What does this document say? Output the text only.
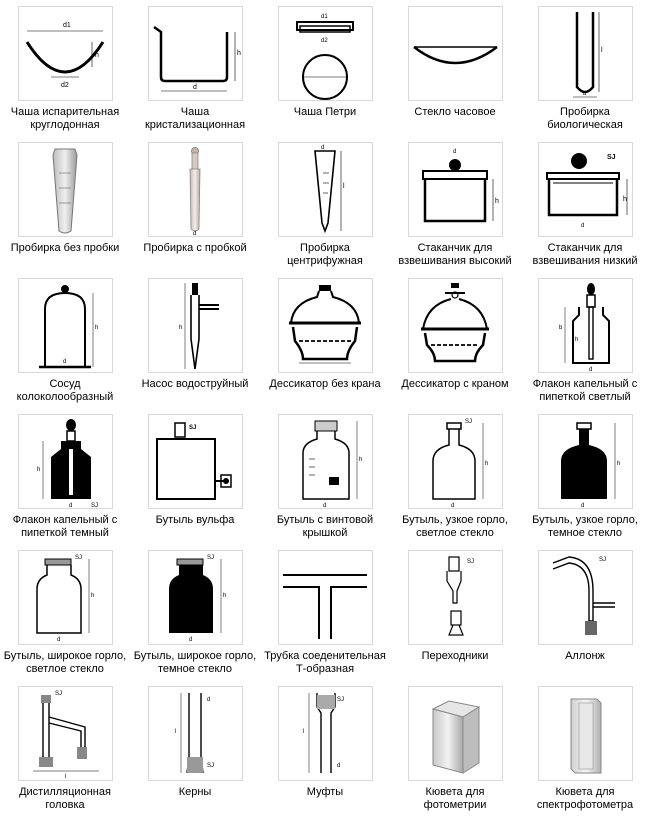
d1
d2
h
Чаша испарительная
круглодонная
d
h
Чаша
кристализационная
d1
d2
Чаша Петри	Стекло часовое
l
d
Пробирка
биологическая
Пробирка без пробки
d
Пробирка с пробкой
l
d
Пробирка
центрифужная
h
d
Стаканчик для
взвешивания высокий
SJ
h
d
Стаканчик для
взвешивания низкий
h
d
Сосуд
колоколообразный
h
Насос водоструйный	Дессикатор без крана	Дессикатор с краном
b
h
d
Флакон капельный с
пипеткой светлый
h
d	SJ
Флакон капельный с
пипеткой темный
SJ
Бутыль вульфа
h
d
Бутыль с винтовой
крышкой
SJ
h
d
Бутыль, узкое горло,
светлое стекло
h
d
Бутыль, узкое горло,
темное стекло
SJ
h
d
Бутыль, широкое горло,
светлое стекло
SJ
h
d
Бутыль, широкое горло,
темное стекло
Трубка соеденительная
Т-образная
SJ
Переходники
SJ
Аллонж
SJ
l
Дистилляционная
головка
d
l
SJ
Керны
SJ
l
d
Муфты	Кювета для
фотометрии
Кювета для
спектрофотометра
